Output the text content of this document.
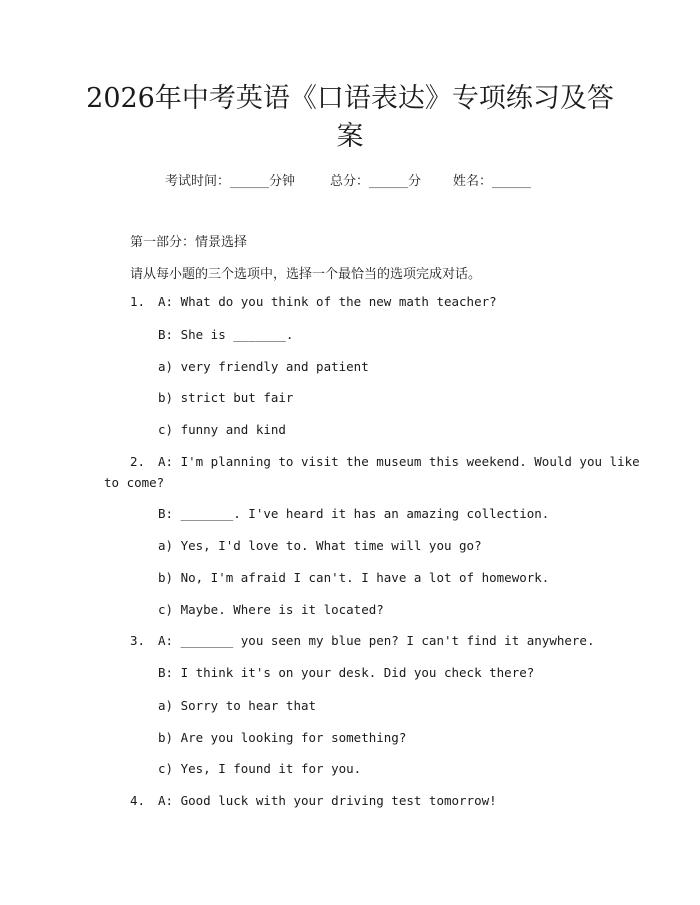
2026年中考英语《口语表达》专项练习及答案
考试时间：______分钟	总分：______分 姓名：______
第一部分：情景选择
请从每小题的三个选项中，选择一个最恰当的选项完成对话。
1. A: What do you think of the new math teacher?
B: She is _______.
a) very friendly and patient
b) strict but fair
c) funny and kind
2. A: I'm planning to visit the museum this weekend. Would you like
to come?
B: _______. I've heard it has an amazing collection.
a) Yes, I'd love to. What time will you go?
b) No, I'm afraid I can't. I have a lot of homework.
c) Maybe. Where is it located?
3. A: _______ you seen my blue pen? I can't find it anywhere.
B: I think it's on your desk. Did you check there?
a) Sorry to hear that
b) Are you looking for something?
c) Yes, I found it for you.
4. A: Good luck with your driving test tomorrow!
